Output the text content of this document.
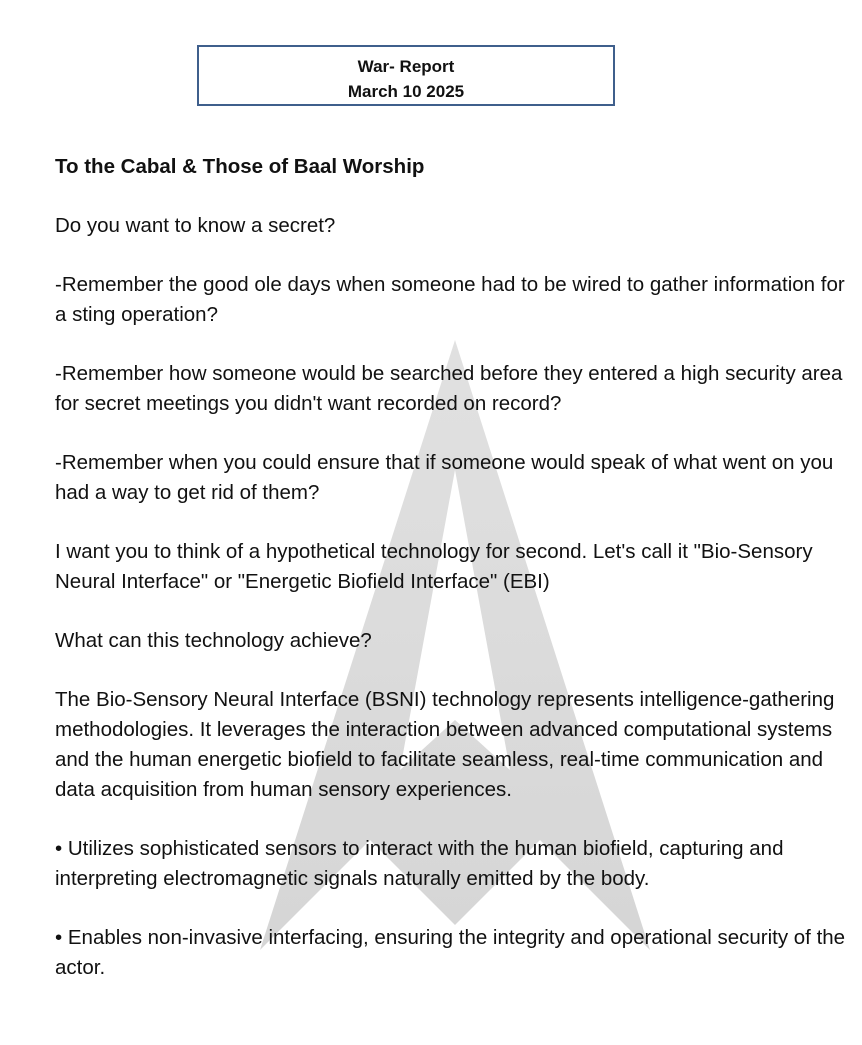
War- Report
March 10 2025

To the Cabal & Those of Baal Worship

Do you want to know a secret?

-Remember the good ole days when someone had to be wired to gather information for a sting operation?

-Remember how someone would be searched before they entered a high security area for secret meetings you didn't want recorded on record?

-Remember when you could ensure that if someone would speak of what went on you had a way to get rid of them?

I want you to think of a hypothetical technology for second. Let's call it "Bio-Sensory Neural Interface" or "Energetic Biofield Interface" (EBI)

What can this technology achieve?

The Bio-Sensory Neural Interface (BSNI) technology represents intelligence-gathering methodologies. It leverages the interaction between advanced computational systems and the human energetic biofield to facilitate seamless, real-time communication and data acquisition from human sensory experiences.

• Utilizes sophisticated sensors to interact with the human biofield, capturing and interpreting electromagnetic signals naturally emitted by the body.

• Enables non-invasive interfacing, ensuring the integrity and operational security of the actor.
